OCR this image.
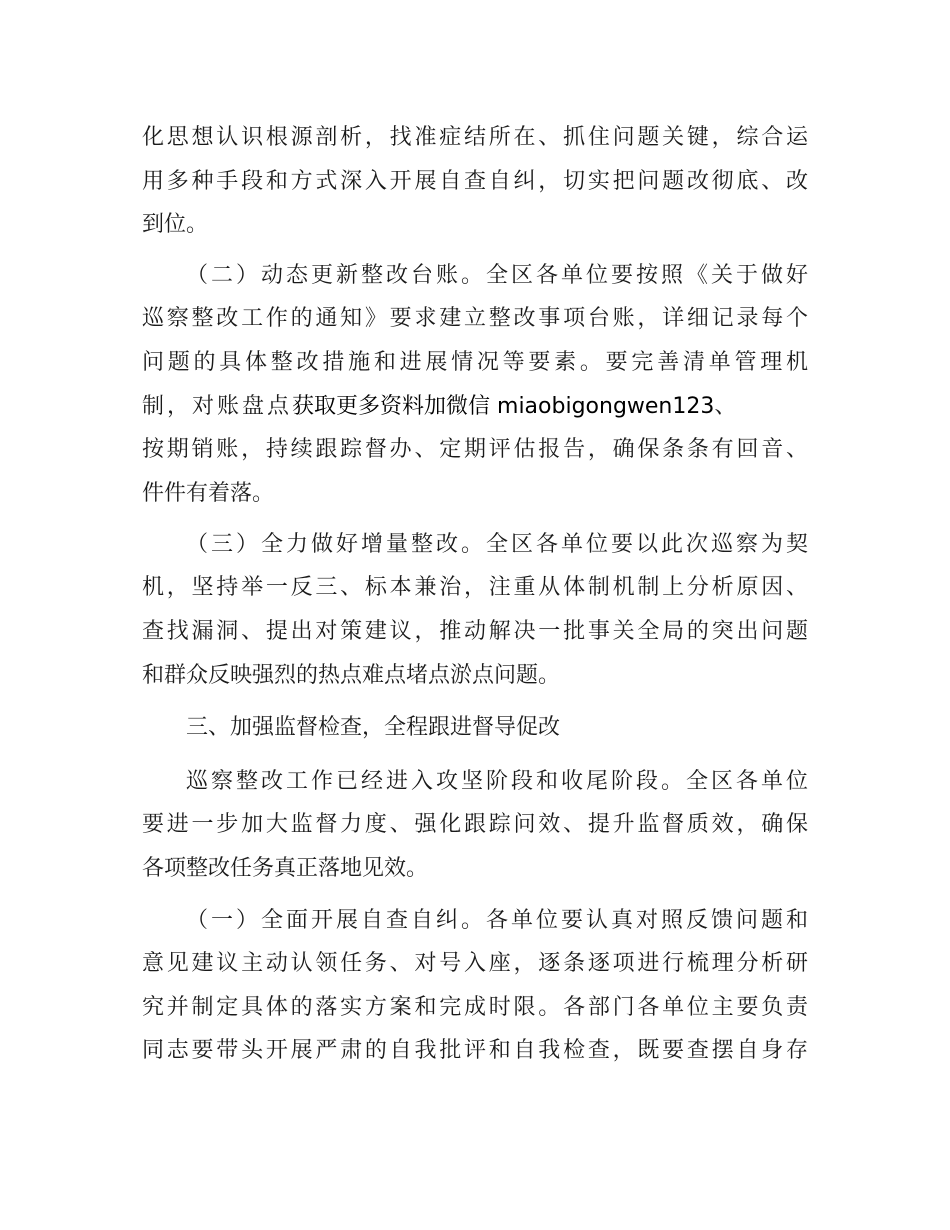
化思想认识根源剖析，找准症结所在、抓住问题关键，综合运
用多种手段和方式深入开展自查自纠，切实把问题改彻底、改
到位。
（二）动态更新整改台账。全区各单位要按照《关于做好
巡察整改工作的通知》要求建立整改事项台账，详细记录每个
问题的具体整改措施和进展情况等要素。要完善清单管理机
制，对账盘点获取更多资料加微信 miaobigongwen123、
按期销账，持续跟踪督办、定期评估报告，确保条条有回音、
件件有着落。
（三）全力做好增量整改。全区各单位要以此次巡察为契
机，坚持举一反三、标本兼治，注重从体制机制上分析原因、
查找漏洞、提出对策建议，推动解决一批事关全局的突出问题
和群众反映强烈的热点难点堵点淤点问题。
三、加强监督检查，全程跟进督导促改
巡察整改工作已经进入攻坚阶段和收尾阶段。全区各单位
要进一步加大监督力度、强化跟踪问效、提升监督质效，确保
各项整改任务真正落地见效。
（一）全面开展自查自纠。各单位要认真对照反馈问题和
意见建议主动认领任务、对号入座，逐条逐项进行梳理分析研
究并制定具体的落实方案和完成时限。各部门各单位主要负责
同志要带头开展严肃的自我批评和自我检查，既要查摆自身存
